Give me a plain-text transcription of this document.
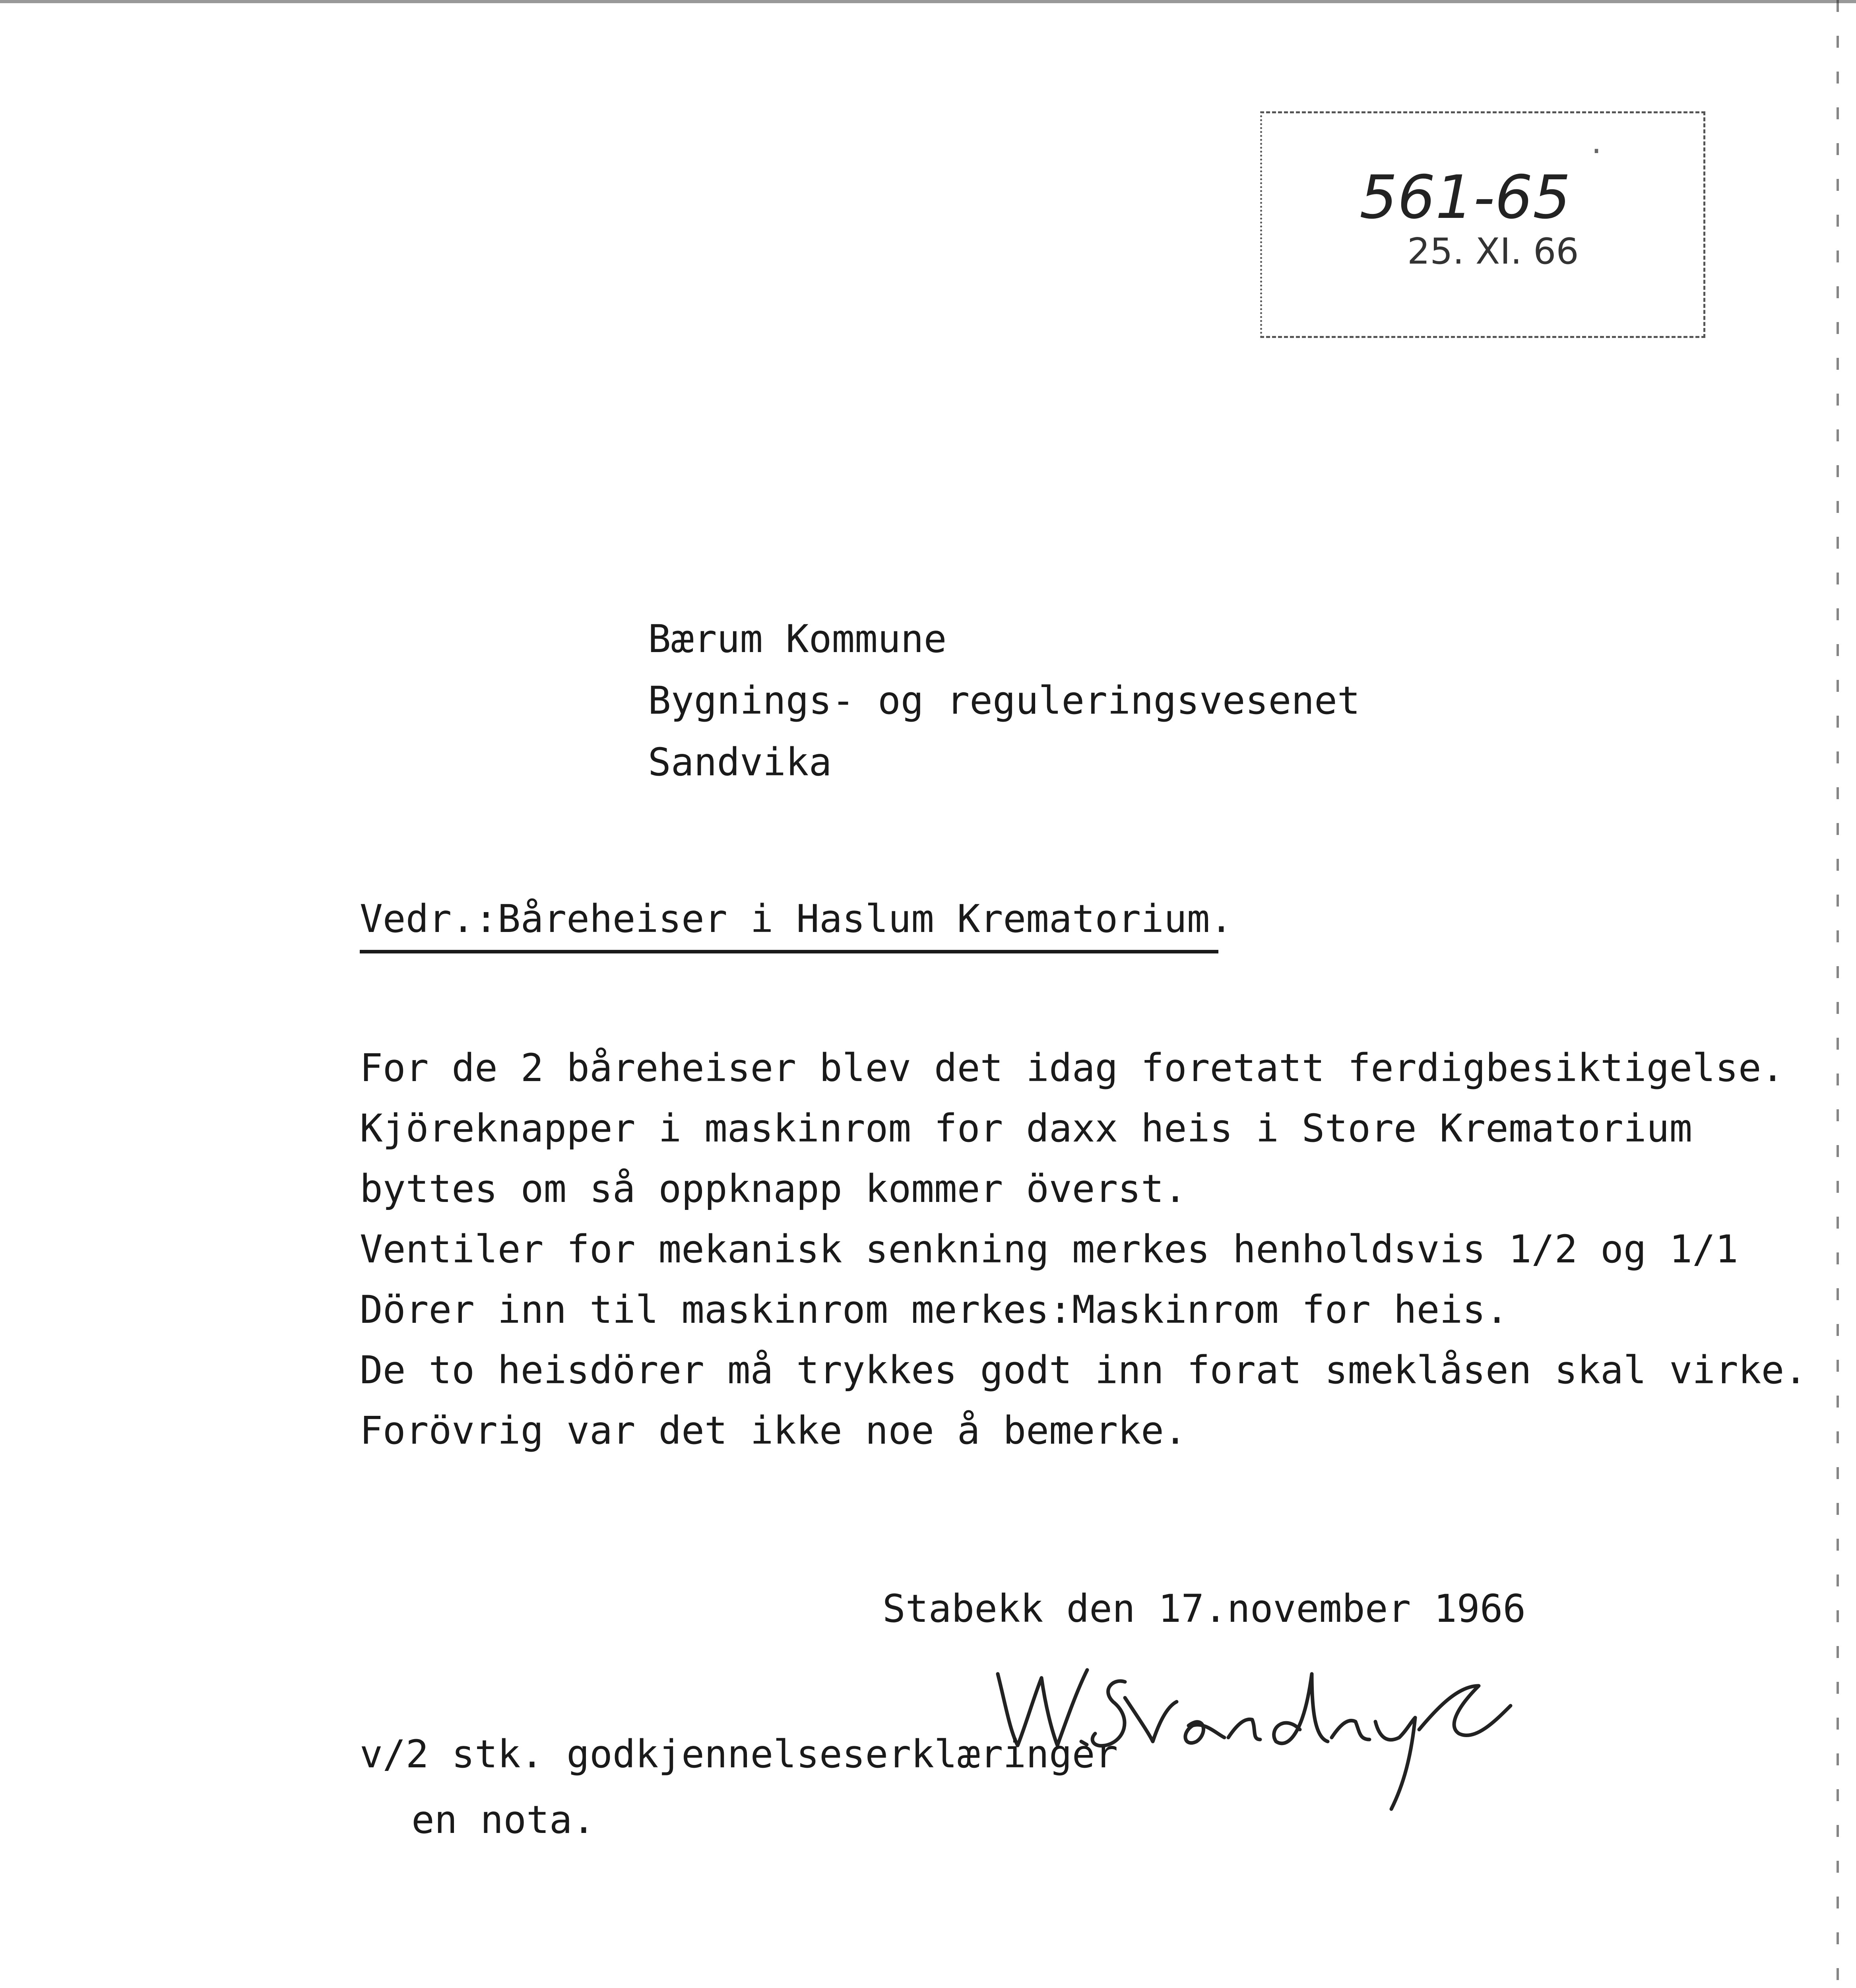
.
561-65
25. XI. 66
Bærum Kommune
Bygnings- og reguleringsvesenet
Sandvika
Vedr.:Båreheiser i Haslum Krematorium.
For de 2 båreheiser blev det idag foretatt ferdigbesiktigelse.
Kjöreknapper i maskinrom for daxx heis i Store Krematorium
byttes om så oppknapp kommer överst.
Ventiler for mekanisk senkning merkes henholdsvis 1/2 og 1/1
Dörer inn til maskinrom merkes:Maskinrom for heis.
De to heisdörer må trykkes godt inn forat smeklåsen skal virke.
Forövrig var det ikke noe å bemerke.
Stabekk den 17.november 1966
v/2 stk. godkjennelseserklæringer
en nota.
